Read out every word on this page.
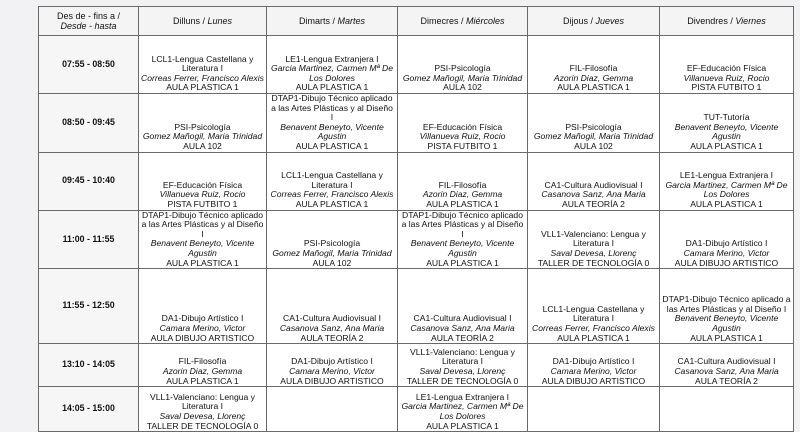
Des de - fins a /
Desde - hasta	Dilluns / Lunes	Dimarts / Martes	Dimecres / Miércoles	Dijous / Jueves	Divendres / Viernes
07:55 - 08:50	LCL1-Lengua Castellana y Literatura I
Correas Ferrer, Francisco Alexis
AULA PLASTICA 1	LE1-Lengua Extranjera I
Garcia Martinez, Carmen Mª De Los Dolores
AULA PLASTICA 1	PSI-Psicología
Gomez Mañogil, Maria Trinidad
AULA 102	FIL-Filosofía
Azorin Diaz, Gemma
AULA PLASTICA 1	EF-Educación Física
Villanueva Ruiz, Rocio
PISTA FUTBITO 1

08:50 - 09:45	PSI-Psicología
Gomez Mañogil, Maria Trinidad
AULA 102	DTAP1-Dibujo Técnico aplicado a las Artes Plásticas y al Diseño I
Benavent Beneyto, Vicente Agustin
AULA PLASTICA 1	EF-Educación Física
Villanueva Ruiz, Rocio
PISTA FUTBITO 1	PSI-Psicología
Gomez Mañogil, Maria Trinidad
AULA 102	TUT-Tutoría
Benavent Beneyto, Vicente Agustin
AULA PLASTICA 1

09:45 - 10:40	EF-Educación Física
Villanueva Ruiz, Rocio
PISTA FUTBITO 1	LCL1-Lengua Castellana y Literatura I
Correas Ferrer, Francisco Alexis
AULA PLASTICA 1	FIL-Filosofía
Azorin Diaz, Gemma
AULA PLASTICA 1	CA1-Cultura Audiovisual I
Casanova Sanz, Ana Maria
AULA TEORÍA 2	LE1-Lengua Extranjera I
Garcia Martinez, Carmen Mª De Los Dolores
AULA PLASTICA 1

11:00 - 11:55	DTAP1-Dibujo Técnico aplicado a las Artes Plásticas y al Diseño I
Benavent Beneyto, Vicente Agustin
AULA PLASTICA 1	PSI-Psicología
Gomez Mañogil, Maria Trinidad
AULA 102	DTAP1-Dibujo Técnico aplicado a las Artes Plásticas y al Diseño I
Benavent Beneyto, Vicente Agustin
AULA PLASTICA 1	VLL1-Valenciano: Lengua y Literatura I
Saval Devesa, Llorenç
TALLER DE TECNOLOGÍA 0	DA1-Dibujo Artístico I
Camara Merino, Victor
AULA DIBUJO ARTISTICO

11:55 - 12:50	DA1-Dibujo Artístico I
Camara Merino, Victor
AULA DIBUJO ARTISTICO	CA1-Cultura Audiovisual I
Casanova Sanz, Ana Maria
AULA TEORÍA 2	CA1-Cultura Audiovisual I
Casanova Sanz, Ana Maria
AULA TEORÍA 2	LCL1-Lengua Castellana y Literatura I
Correas Ferrer, Francisco Alexis
AULA PLASTICA 1	DTAP1-Dibujo Técnico aplicado a las Artes Plásticas y al Diseño I
Benavent Beneyto, Vicente Agustin
AULA PLASTICA 1

13:10 - 14:05	FIL-Filosofía
Azorin Diaz, Gemma
AULA PLASTICA 1	DA1-Dibujo Artístico I
Camara Merino, Victor
AULA DIBUJO ARTISTICO	VLL1-Valenciano: Lengua y Literatura I
Saval Devesa, Llorenç
TALLER DE TECNOLOGÍA 0	DA1-Dibujo Artístico I
Camara Merino, Victor
AULA DIBUJO ARTISTICO	CA1-Cultura Audiovisual I
Casanova Sanz, Ana Maria
AULA TEORÍA 2

14:05 - 15:00	VLL1-Valenciano: Lengua y Literatura I
Saval Devesa, Llorenç
TALLER DE TECNOLOGÍA 0		LE1-Lengua Extranjera I
Garcia Martinez, Carmen Mª De Los Dolores
AULA PLASTICA 1		
